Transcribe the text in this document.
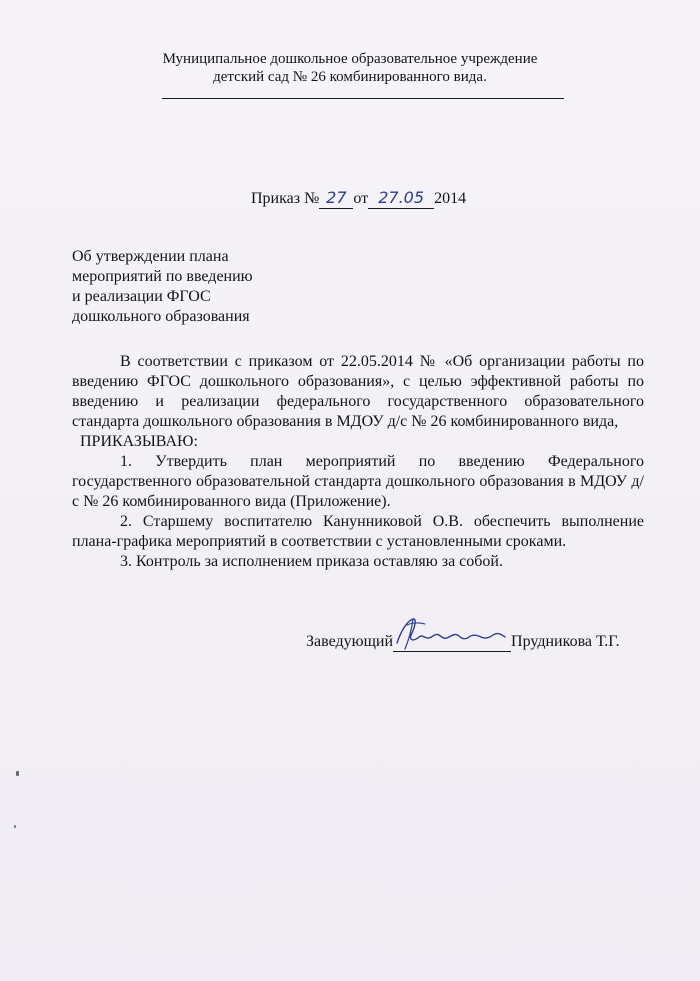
Муниципальное дошкольное образовательное учреждение
детский сад № 26 комбинированного вида.
Приказ № 27 от 27.05 2014
Об утверждении плана
мероприятий по введению
и реализации ФГОС
дошкольного образования

В соответствии с приказом от 22.05.2014 № «Об организации работы по введению ФГОС дошкольного образования», с целью эффективной работы по введению и реализации федерального государственного образовательного стандарта дошкольного образования в МДОУ д/с № 26 комбинированного вида,

ПРИКАЗЫВАЮ:

1. Утвердить план мероприятий по введению Федерального государственного образовательной стандарта дошкольного образования в МДОУ д/с № 26 комбинированного вида (Приложение).

2. Старшему воспитателю Канунниковой О.В. обеспечить выполнение плана-графика мероприятий в соответствии с установленными сроками.

3. Контроль за исполнением приказа оставляю за собой.

Заведующий	Прудникова Т.Г.
